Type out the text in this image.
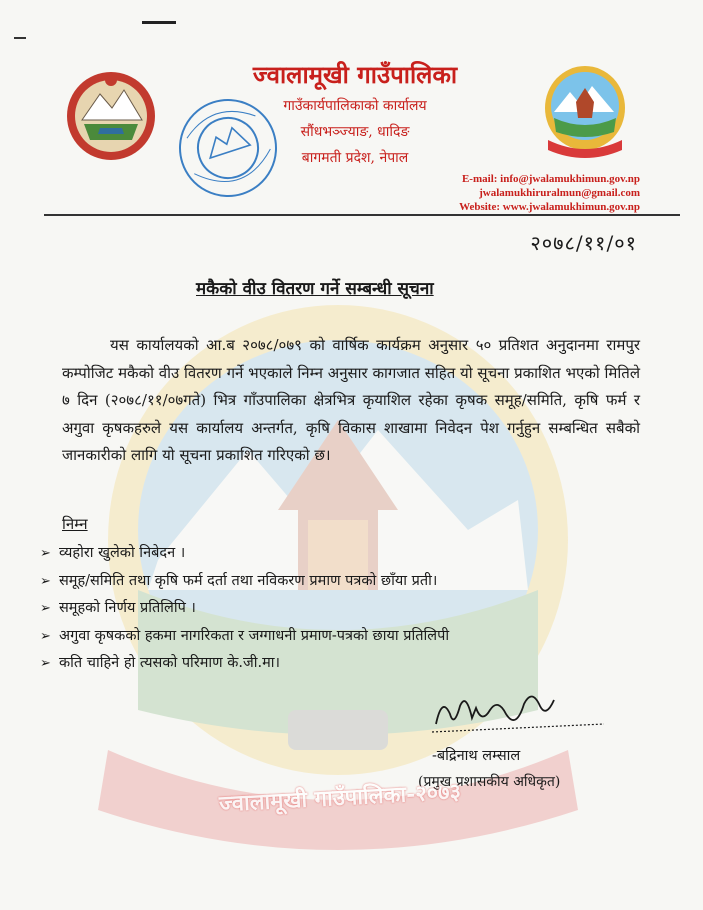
ज्वालामूखी गाउँपालिका
गाउँकार्यपालिकाको कार्यालय
सौंधभञ्ज्याङ, धादिङ
बागमती प्रदेश, नेपाल
E-mail: info@jwalamukhimun.gov.np
jwalamukhiruralmun@gmail.com
Website: www.jwalamukhimun.gov.np
२०७८/११/०१
मकैको वीउ वितरण गर्ने सम्बन्धी सूचना
यस कार्यालयको आ.ब २०७८/०७९ को वार्षिक कार्यक्रम अनुसार ५० प्रतिशत अनुदानमा रामपुर कम्पोजिट मकैको वीउ वितरण गर्ने भएकाले निम्न अनुसार कागजात सहित यो सूचना प्रकाशित भएको मितिले ७ दिन (२०७८/११/०७गते) भित्र गाँउपालिका क्षेत्रभित्र कृयाशिल रहेका कृषक समूह/समिति, कृषि फर्म र अगुवा कृषकहरुले यस कार्यालय अन्तर्गत, कृषि विकास शाखामा निवेदन पेश गर्नुहुन सम्बन्धित सबैको जानकारीको लागि यो सूचना प्रकाशित गरिएको छ।
निम्न
➢ व्यहोरा खुलेको निबेदन ।
➢ समूह/समिति तथा कृषि फर्म दर्ता तथा नविकरण प्रमाण पत्रको छाँया प्रती।
➢ समूहको निर्णय प्रतिलिपि ।
➢ अगुवा कृषकको हकमा नागरिकता र जग्गाधनी प्रमाण-पत्रको छाया प्रतिलिपी
➢ कति चाहिने हो त्यसको परिमाण के.जी.मा।
-बद्रिनाथ लम्साल
(प्रमुख प्रशासकीय अधिकृत)
ज्वालामूखी गाउँपालिका-२०७३
